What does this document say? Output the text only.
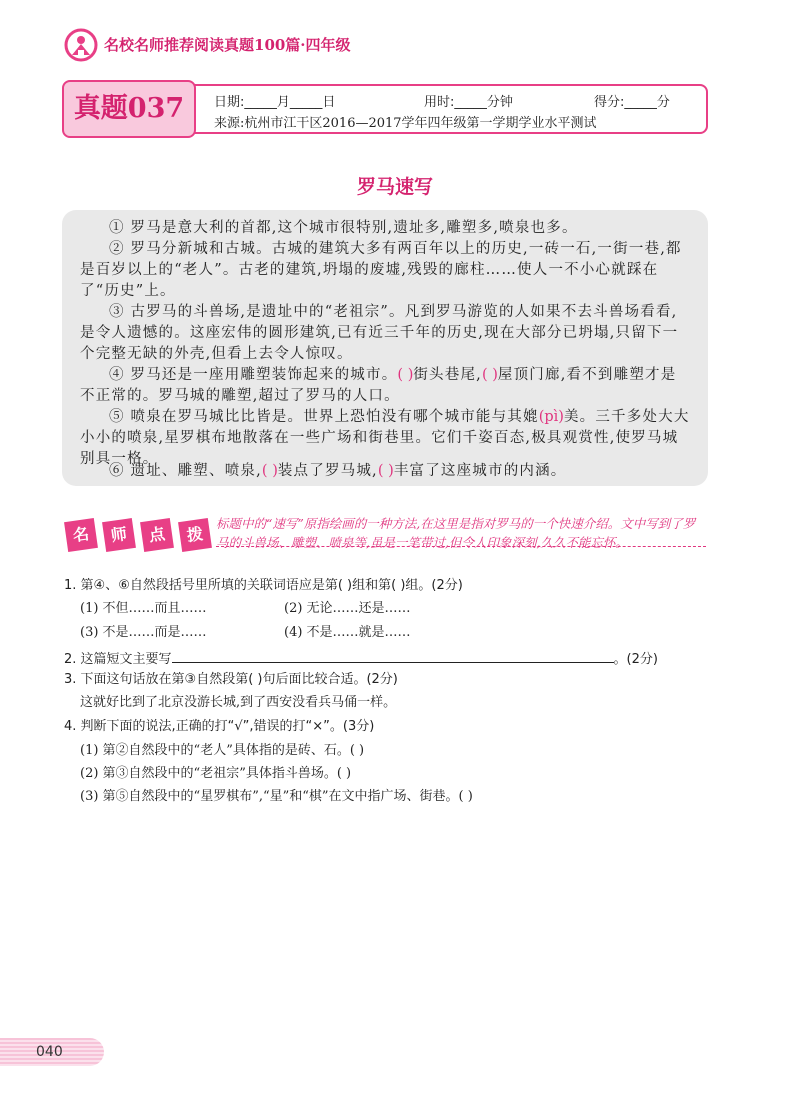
名校名师推荐阅读真题100篇·四年级
真题037	日期:_____月_____日	用时:_____分钟	得分:_____分
来源:杭州市江干区2016—2017学年四年级第一学期学业水平测试
罗马速写
① 罗马是意大利的首都,这个城市很特别,遗址多,雕塑多,喷泉也多。
② 罗马分新城和古城。古城的建筑大多有两百年以上的历史,一砖一石,一街一巷,都是百岁以上的“老人”。古老的建筑,坍塌的废墟,残毁的廊柱……使人一不小心就踩在了“历史”上。
③ 古罗马的斗兽场,是遗址中的“老祖宗”。凡到罗马游览的人如果不去斗兽场看看,是令人遗憾的。这座宏伟的圆形建筑,已有近三千年的历史,现在大部分已坍塌,只留下一个完整无缺的外壳,但看上去令人惊叹。
④ 罗马还是一座用雕塑装饰起来的城市。( )街头巷尾,( )屋顶门廊,看不到雕塑才是不正常的。罗马城的雕塑,超过了罗马的人口。
⑤ 喷泉在罗马城比比皆是。世界上恐怕没有哪个城市能与其媲(pì)美。三千多处大大小小的喷泉,星罗棋布地散落在一些广场和街巷里。它们千姿百态,极具观赏性,使罗马城别具一格。
⑥ 遗址、雕塑、喷泉,( )装点了罗马城,( )丰富了这座城市的内涵。
名	师	点	拨
标题中的“速写”原指绘画的一种方法,在这里是指对罗马的一个快速介绍。文中写到了罗马的斗兽场、雕塑、喷泉等,虽是一笔带过,但令人印象深刻,久久不能忘怀。
1. 第④、⑥自然段括号里所填的关联词语应是第( )组和第( )组。(2分)
(1) 不但……而且……	(2) 无论……还是……
(3) 不是……而是……	(4) 不是……就是……
2. 这篇短文主要写	。(2分)
3. 下面这句话放在第③自然段第( )句后面比较合适。(2分)
这就好比到了北京没游长城,到了西安没看兵马俑一样。
4. 判断下面的说法,正确的打“√”,错误的打“×”。(3分)
(1) 第②自然段中的“老人”具体指的是砖、石。( )
(2) 第③自然段中的“老祖宗”具体指斗兽场。( )
(3) 第⑤自然段中的“星罗棋布”,“星”和“棋”在文中指广场、街巷。( )
040
